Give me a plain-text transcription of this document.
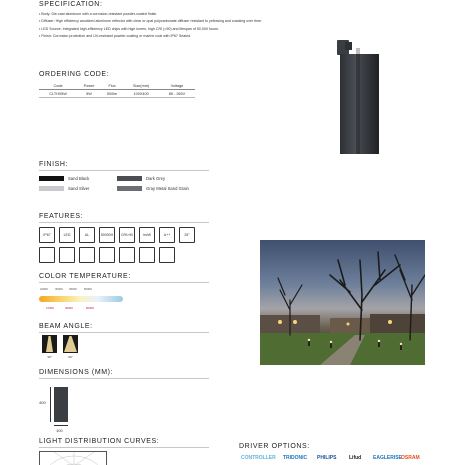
SPECIFICATION:

• Body: Die-cast aluminum with a corrosion-resistant powder-coated finish.

• Diffuser: High efficiency anodized aluminum reflector with clear or opal polycarbonate diffuser resistant to yellowing and cracking over time.

• LED Source: Integrated high-efficiency LED chips with high lumen, high CRI (>90) and lifespan of 50,000 hours.

• Finish: Corrosion protection and UV-resistant powder coating or marine coat with IP67 Sealed.

ORDERING CODE:
Code	Power	Flux	Size(mm)	Voltage
CLTH05W	5W	500lm	100X400	85 - 265V
FINISH:
Sand Black	Dark Grey
Sand Silver	Gray Metal Sand Grain
FEATURES:
IP67	LED	AL	50000H CRI>90	lm/W	A++	25°
COLOR TEMPERATURE:
2200K 3000K 3500K 5000K
2700K	4000K	6000K
BEAM ANGLE:
30°	60°
DIMENSIONS (MM):
400
100
LIGHT DISTRIBUTION CURVES:
DRIVER OPTIONS:
CONTROLLER TRIDONIC PHILIPS	Lifud EAGLERISE OSRAM
